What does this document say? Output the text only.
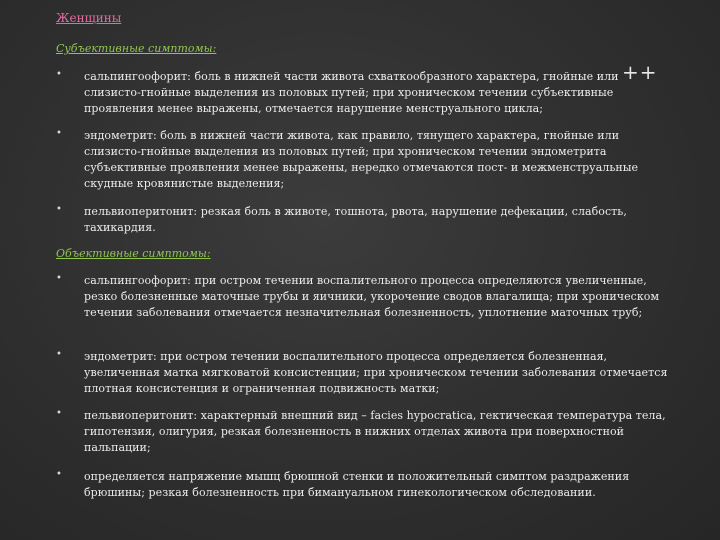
Женщины
Субъективные симптомы:
++
• сальпингоофорит: боль в нижней части живота схваткообразного характера, гнойные или слизисто-гнойные выделения из половых путей; при хроническом течении субъективные проявления менее выражены, отмечается нарушение менструального цикла;
• эндометрит: боль в нижней части живота, как правило, тянущего характера, гнойные или слизисто-гнойные выделения из половых путей; при хроническом течении эндометрита субъективные проявления менее выражены, нередко отмечаются пост- и межменструальные скудные кровянистые выделения;
• пельвиоперитонит: резкая боль в животе, тошнота, рвота, нарушение дефекации, слабость, тахикардия.
Объективные симптомы:
• сальпингоофорит: при остром течении воспалительного процесса определяются увеличенные, резко болезненные маточные трубы и яичники, укорочение сводов влагалища; при хроническом течении заболевания отмечается незначительная болезненность, уплотнение маточных труб;
• эндометрит: при остром течении воспалительного процесса определяется болезненная, увеличенная матка мягковатой консистенции; при хроническом течении заболевания отмечается плотная консистенция и ограниченная подвижность матки;
• пельвиоперитонит: характерный внешний вид – facies hypocratica, гектическая температура тела, гипотензия, олигурия, резкая болезненность в нижних отделах живота при поверхностной пальпации;
• определяется напряжение мышц брюшной стенки и положительный симптом раздражения брюшины; резкая болезненность при бимануальном гинекологическом обследовании.
